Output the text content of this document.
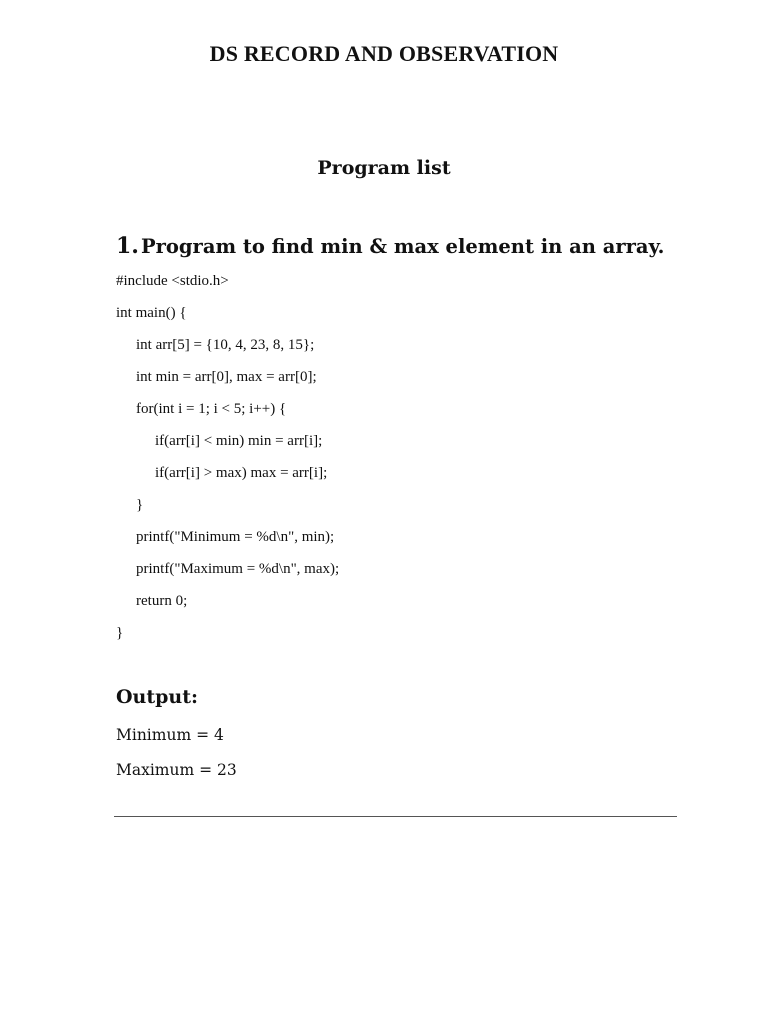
DS RECORD AND OBSERVATION
Program list
1. Program to find min & max element in an array.
#include <stdio.h>
int main() {
int arr[5] = {10, 4, 23, 8, 15};
int min = arr[0], max = arr[0];
for(int i = 1; i < 5; i++) {
if(arr[i] < min) min = arr[i];
if(arr[i] > max) max = arr[i];
}
printf("Minimum = %d\n", min);
printf("Maximum = %d\n", max);
return 0;
}
Output:
Minimum = 4
Maximum = 23
